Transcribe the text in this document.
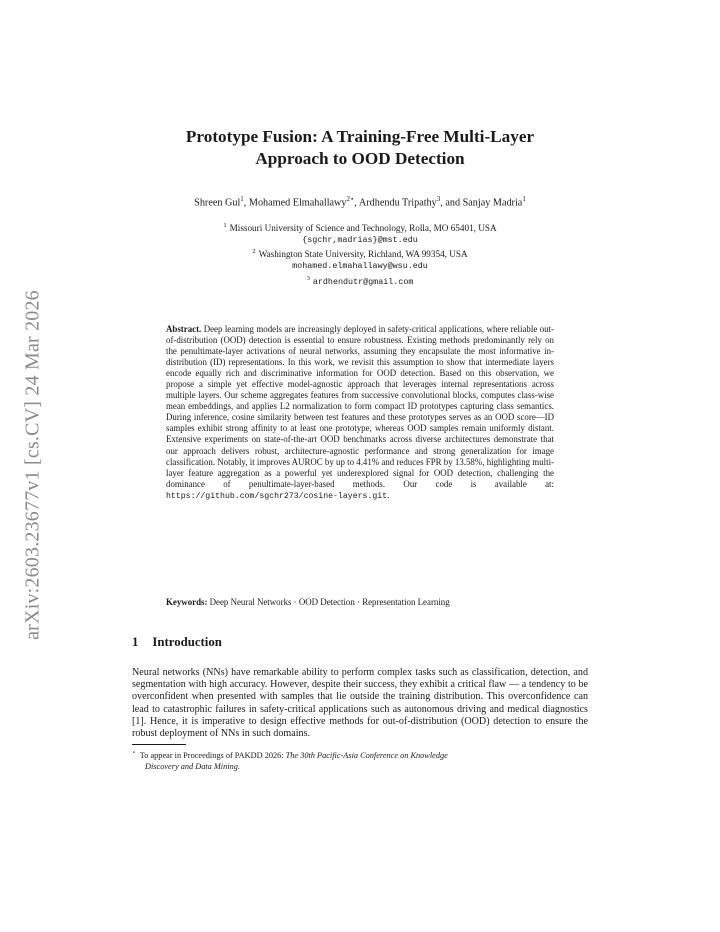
arXiv:2603.23677v1 [cs.CV] 24 Mar 2026
Prototype Fusion: A Training-Free Multi-Layer
Approach to OOD Detection
Shreen Gul$^1$, Mohamed Elmahallawy$^{2⋆}$, Ardhendu Tripathy$^3$, and Sanjay Madria$^1$
$^1$ Missouri University of Science and Technology, Rolla, MO 65401, USA
{sgchr,madrias}@mst.edu
$^2$ Washington State University, Richland, WA 99354, USA
mohamed.elmahallawy@wsu.edu
$^3$ ardhendutr@gmail.com

Abstract. Deep learning models are increasingly deployed in safety-critical applications, where reliable out-of-distribution (OOD) detection is essential to ensure robustness. Existing methods predominantly rely on the penultimate-layer activations of neural networks, assuming they encapsulate the most informative in-distribution (ID) representations. In this work, we revisit this assumption to show that intermediate layers encode equally rich and discriminative information for OOD detection. Based on this observation, we propose a simple yet effective model-agnostic approach that leverages internal representations across multiple layers. Our scheme aggregates features from successive convolutional blocks, computes class-wise mean embeddings, and applies L2 normalization to form compact ID prototypes capturing class semantics. During inference, cosine similarity between test features and these prototypes serves as an OOD score—ID samples exhibit strong affinity to at least one prototype, whereas OOD samples remain uniformly distant. Extensive experiments on state-of-the-art OOD benchmarks across diverse architectures demonstrate that our approach delivers robust, architecture-agnostic performance and strong generalization for image classification. Notably, it improves AUROC by up to 4.41% and reduces FPR by 13.58%, highlighting multi-layer feature aggregation as a powerful yet underexplored signal for OOD detection, challenging the dominance of penultimate-layer-based methods. Our code is available at: https://github.com/sgchr273/cosine-layers.git.

Keywords: Deep Neural Networks · OOD Detection · Representation Learning

1 Introduction

Neural networks (NNs) have remarkable ability to perform complex tasks such as classification, detection, and segmentation with high accuracy. However, despite their success, they exhibit a critical flaw — a tendency to be overconfident when presented with samples that lie outside the training distribution. This overconfidence can lead to catastrophic failures in safety-critical applications such as autonomous driving and medical diagnostics [1]. Hence, it is imperative to design effective methods for out-of-distribution (OOD) detection to ensure the robust deployment of NNs in such domains.

⋆ To appear in Proceedings of PAKDD 2026: The 30th Pacific-Asia Conference on Knowledge
Discovery and Data Mining.
